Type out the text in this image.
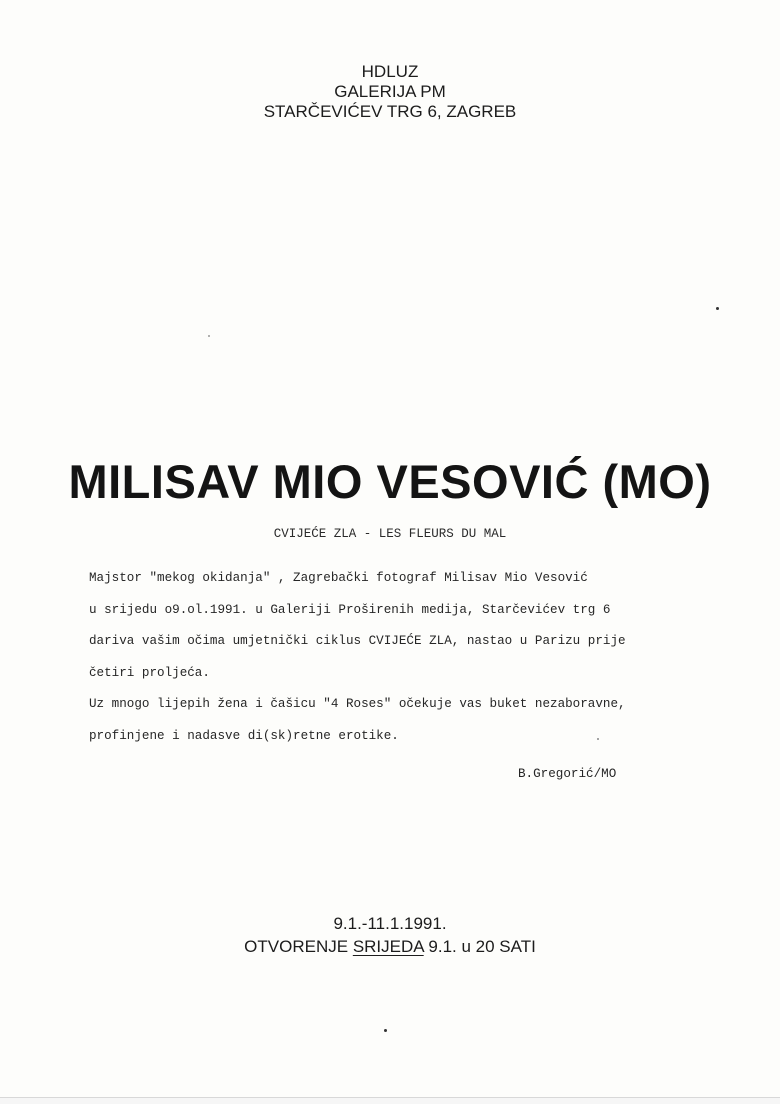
HDLUZ
GALERIJA PM
STARČEVIĆEV TRG 6, ZAGREB
MILISAV MIO VESOVIĆ (MO)
CVIJEĆE ZLA - LES FLEURS DU MAL
Majstor "mekog okidanja" , Zagrebački fotograf Milisav Mio Vesović
u srijedu o9.ol.1991. u Galeriji Proširenih medija, Starčevićev trg 6
dariva vašim očima umjetnički ciklus CVIJEĆE ZLA, nastao u Parizu prije
četiri proljeća.
Uz mnogo lijepih žena i čašicu "4 Roses" očekuje vas buket nezaboravne,
profinjene i nadasve di(sk)retne erotike.
B.Gregorić/MO
9.1.-11.1.1991.
OTVORENJE SRIJEDA 9.1. u 20 SATI
